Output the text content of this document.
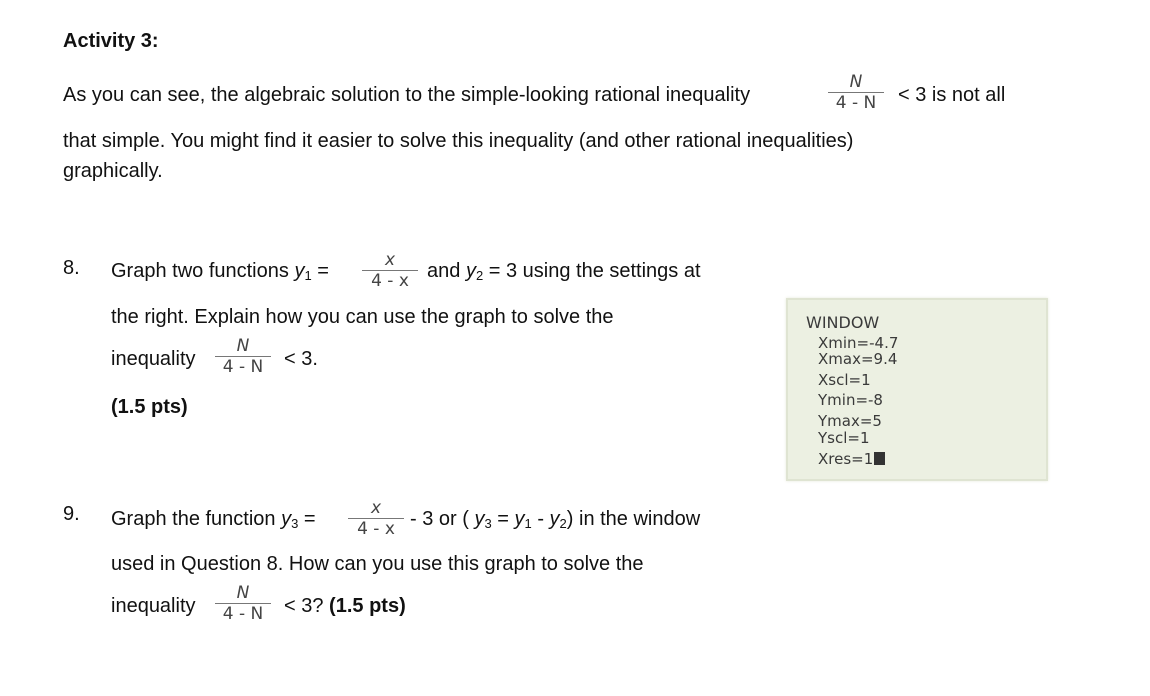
Activity 3:
As you can see, the algebraic solution to the simple-looking rational inequality
N
4 - N	< 3 is not all
that simple. You might find it easier to solve this inequality (and other rational inequalities)
graphically.
8. Graph two functions $y_1$ =	x
4 - x and $y_2 = 3$ using the settings at
the right. Explain how you can use the graph to solve the
inequality
N
4 - N	< 3.
(1.5 pts)
WINDOW
Xmin=-4.7
Xmax=9.4
Xscl=1
Ymin=-8
Ymax=5
Yscl=1
Xres=1
9. Graph the function $y_3$ =	x
4 - x - 3 or ( $y_3 = y_1 - y_2$) in the window
used in Question 8. How can you use this graph to solve the
inequality
N
4 - N	< 3? (1.5 pts)
